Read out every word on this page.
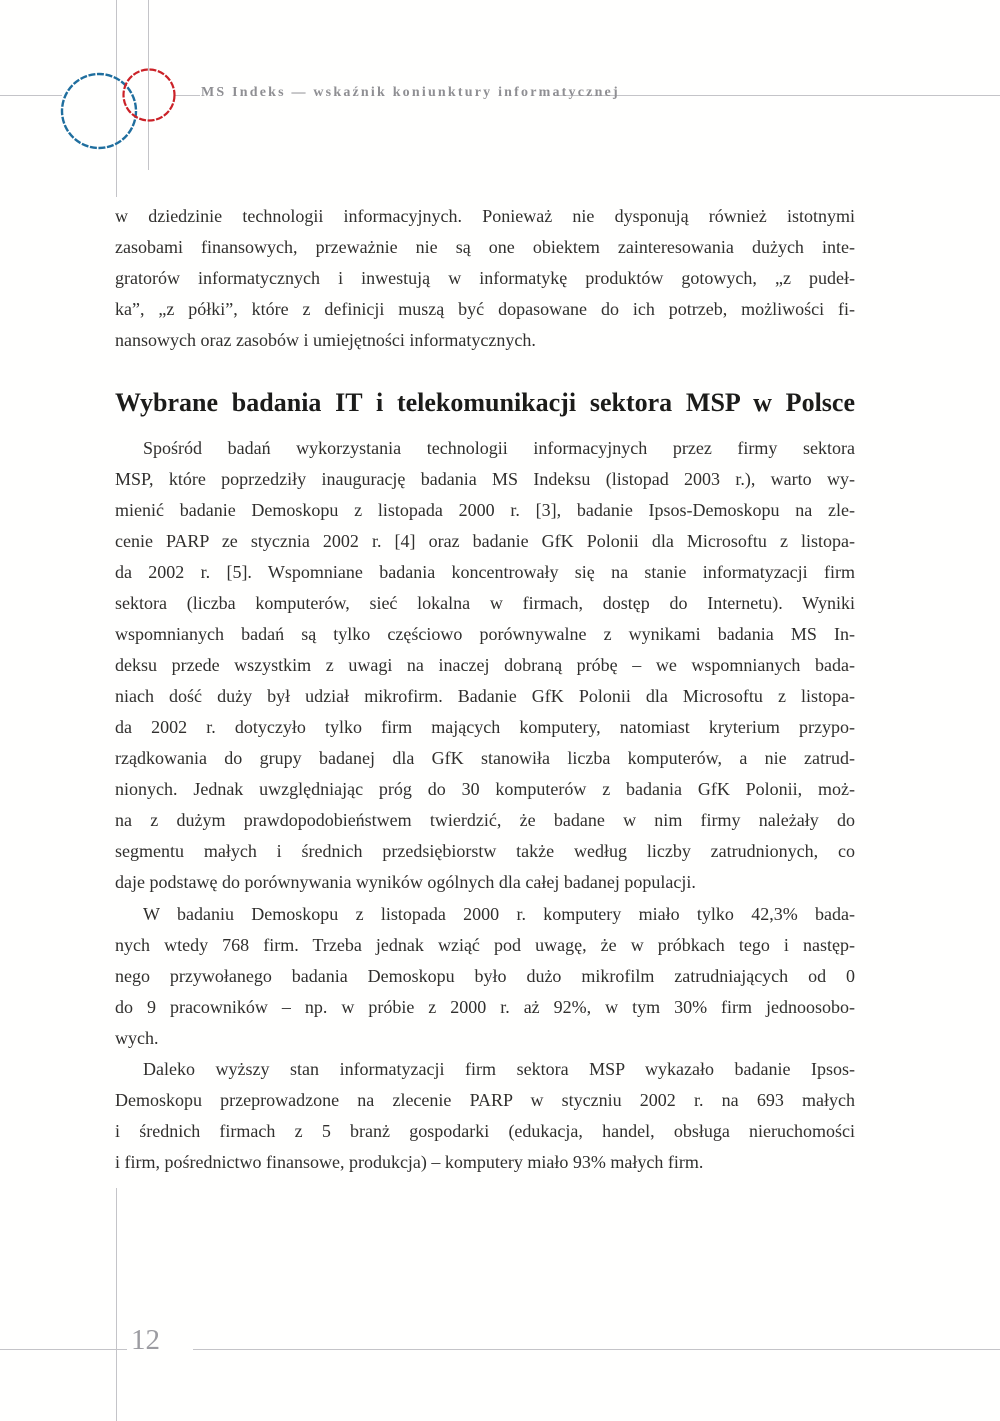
MS Indeks — wskaźnik koniunktury informatycznej
w dziedzinie technologii informacyjnych. Ponieważ nie dysponują również istotnymi
zasobami finansowych, przeważnie nie są one obiektem zainteresowania dużych inte-
gratorów informatycznych i inwestują w informatykę produktów gotowych, „z pudeł-
ka”, „z półki”, które z definicji muszą być dopasowane do ich potrzeb, możliwości fi-
nansowych oraz zasobów i umiejętności informatycznych.
Wybrane badania IT i telekomunikacji sektora MSP w Polsce
Spośród badań wykorzystania technologii informacyjnych przez firmy sektora
MSP, które poprzedziły inaugurację badania MS Indeksu (listopad 2003 r.), warto wy-
mienić badanie Demoskopu z listopada 2000 r. [3], badanie Ipsos-Demoskopu na zle-
cenie PARP ze stycznia 2002 r. [4] oraz badanie GfK Polonii dla Microsoftu z listopa-
da 2002 r. [5]. Wspomniane badania koncentrowały się na stanie informatyzacji firm
sektora (liczba komputerów, sieć lokalna w firmach, dostęp do Internetu). Wyniki
wspomnianych badań są tylko częściowo porównywalne z wynikami badania MS In-
deksu przede wszystkim z uwagi na inaczej dobraną próbę – we wspomnianych bada-
niach dość duży był udział mikrofirm. Badanie GfK Polonii dla Microsoftu z listopa-
da 2002 r. dotyczyło tylko firm mających komputery, natomiast kryterium przypo-
rządkowania do grupy badanej dla GfK stanowiła liczba komputerów, a nie zatrud-
nionych. Jednak uwzględniając próg do 30 komputerów z badania GfK Polonii, moż-
na z dużym prawdopodobieństwem twierdzić, że badane w nim firmy należały do
segmentu małych i średnich przedsiębiorstw także według liczby zatrudnionych, co
daje podstawę do porównywania wyników ogólnych dla całej badanej populacji.
W badaniu Demoskopu z listopada 2000 r. komputery miało tylko 42,3% bada-
nych wtedy 768 firm. Trzeba jednak wziąć pod uwagę, że w próbkach tego i następ-
nego przywołanego badania Demoskopu było dużo mikrofilm zatrudniających od 0
do 9 pracowników – np. w próbie z 2000 r. aż 92%, w tym 30% firm jednoosobo-
wych.
Daleko wyższy stan informatyzacji firm sektora MSP wykazało badanie Ipsos-
Demoskopu przeprowadzone na zlecenie PARP w styczniu 2002 r. na 693 małych
i średnich firmach z 5 branż gospodarki (edukacja, handel, obsługa nieruchomości
i firm, pośrednictwo finansowe, produkcja) – komputery miało 93% małych firm.
12
